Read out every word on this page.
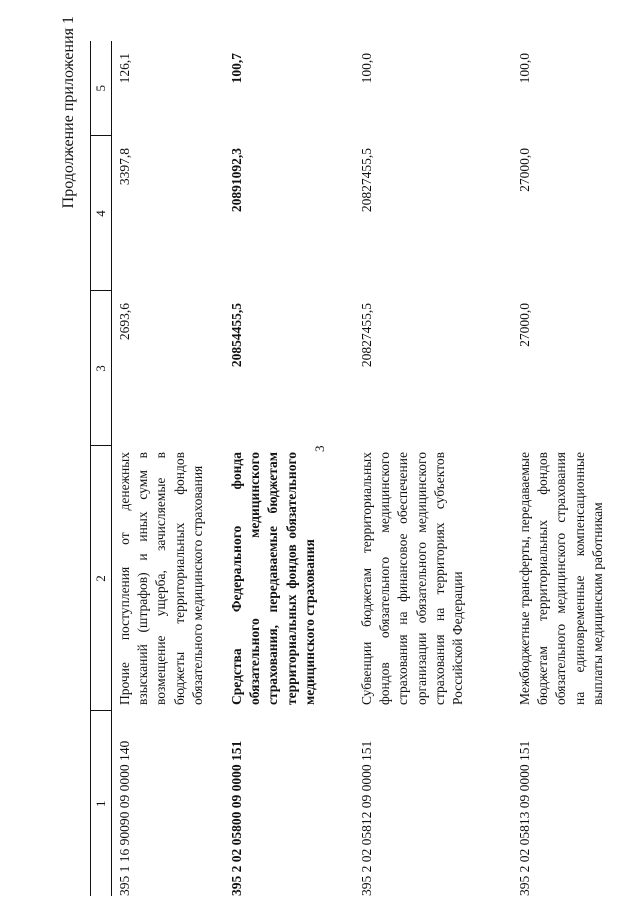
3
Продолжение приложения 1
1	2	3	4	5
395 1 16 90090 09 0000 140	Прочие поступления от денежных взысканий (штрафов) и иных сумм в возмещение ущерба, зачисляемые в бюджеты территориальных фондов обязательного медицинского страхования	2693,6	3397,8	126,1
395 2 02 05800 09 0000 151	Средства Федерального фонда обязательного медицинского страхования, передаваемые бюджетам территориальных фондов обязательного медицинского страхования	20854455,5	20891092,3	100,7
395 2 02 05812 09 0000 151	Субвенции бюджетам территориальных фондов обязательного медицинского страхования на финансовое обеспечение организации обязательного медицинского страхования на территориях субъектов Российской Федерации	20827455,5	20827455,5	100,0
395 2 02 05813 09 0000 151	Межбюджетные трансферты, передаваемые бюджетам территориальных фондов обязательного медицинского страхования на единовременные компенсационные выплаты медицинским работникам	27000,0	27000,0	100,0
